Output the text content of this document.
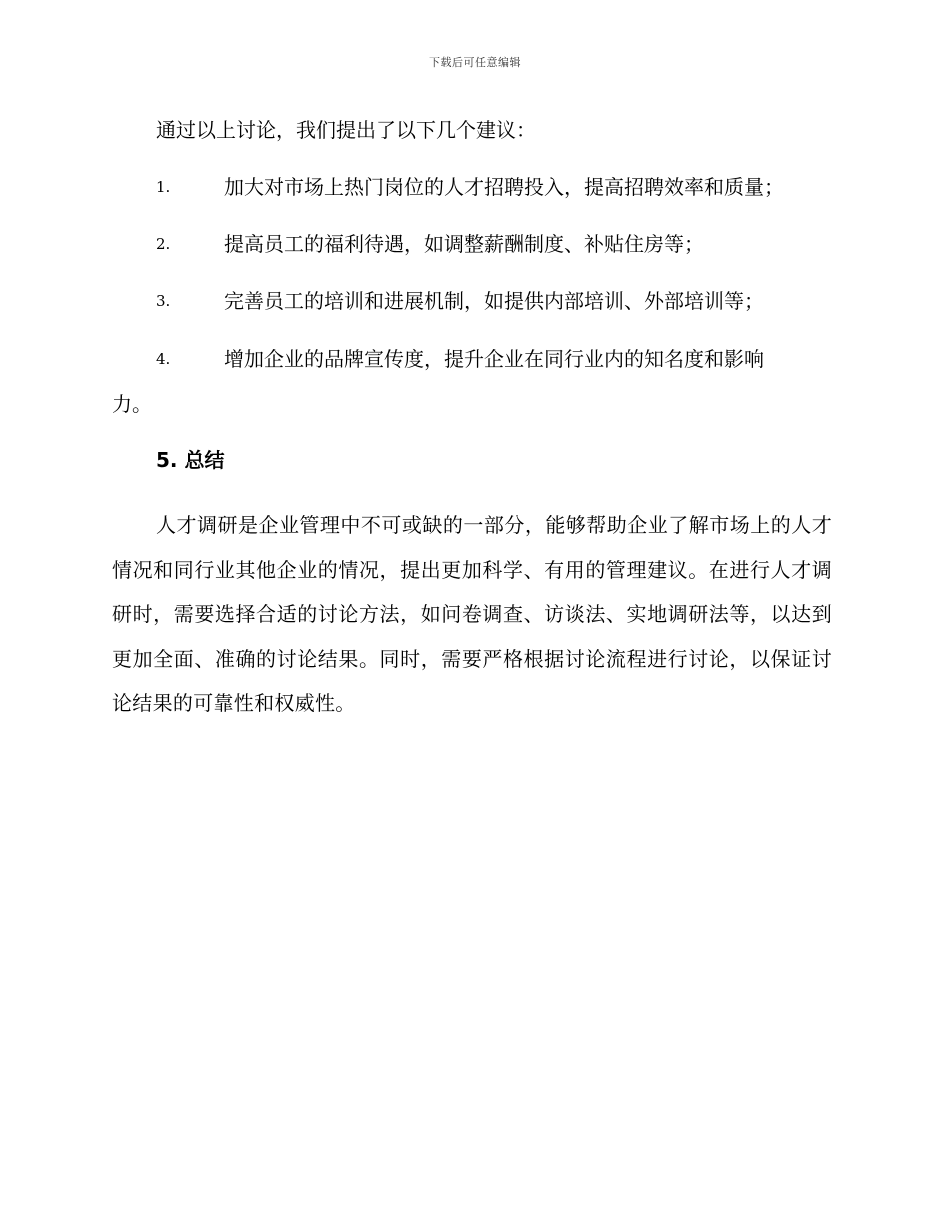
下载后可任意编辑
通过以上讨论，我们提出了以下几个建议：
1.	加大对市场上热门岗位的人才招聘投入，提高招聘效率和质量；
2.	提高员工的福利待遇，如调整薪酬制度、补贴住房等；
3.	完善员工的培训和进展机制，如提供内部培训、外部培训等；
4.	增加企业的品牌宣传度，提升企业在同行业内的知名度和影响
力。
5. 总结
人才调研是企业管理中不可或缺的一部分，能够帮助企业了解市场上的人才情况和同行业其他企业的情况，提出更加科学、有用的管理建议。在进行人才调研时，需要选择合适的讨论方法，如问卷调查、访谈法、实地调研法等，以达到更加全面、准确的讨论结果。同时，需要严格根据讨论流程进行讨论，以保证讨论结果的可靠性和权威性。
